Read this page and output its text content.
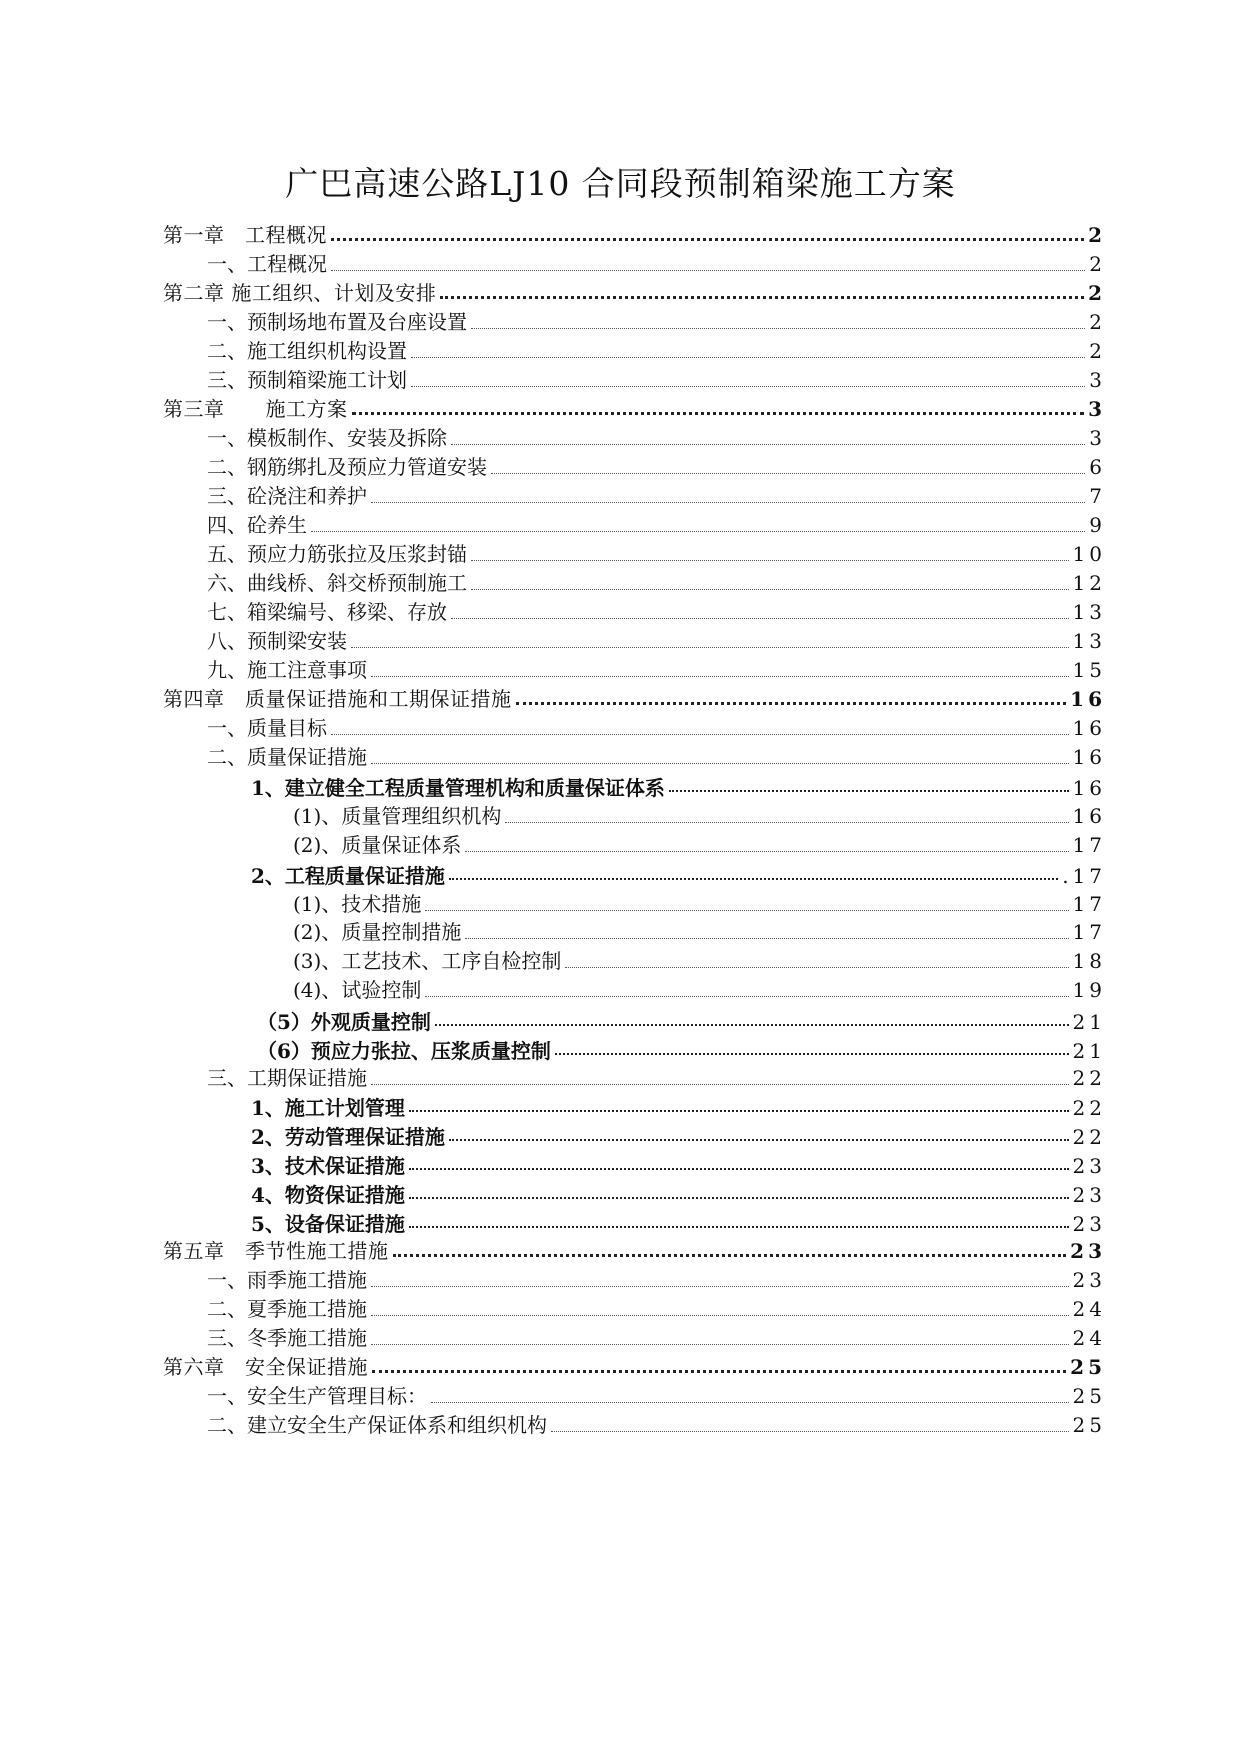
广巴高速公路LJ10 合同段预制箱梁施工方案
第一章　工程概况	2
一、工程概况	2
第二章 施工组织、计划及安排	2
一、预制场地布置及台座设置	2
二、施工组织机构设置	2
三、预制箱梁施工计划	3
第三章　　施工方案	3
一、模板制作、安装及拆除	3
二、钢筋绑扎及预应力管道安装	6
三、砼浇注和养护	7
四、砼养生	9
五、预应力筋张拉及压浆封锚	10
六、曲线桥、斜交桥预制施工	12
七、箱梁编号、移梁、存放	13
八、预制梁安装	13
九、施工注意事项	15
第四章　质量保证措施和工期保证措施	16
一、质量目标	16
二、质量保证措施	16
1、建立健全工程质量管理机构和质量保证体系	16
(1)、质量管理组织机构	16
(2)、质量保证体系	17
2、工程质量保证措施	.17
(1)、技术措施	17
(2)、质量控制措施	17
(3)、工艺技术、工序自检控制	18
(4)、试验控制	19
（5）外观质量控制	21
（6）预应力张拉、压浆质量控制	21
三、工期保证措施	22
1、施工计划管理	22
2、劳动管理保证措施	22
3、技术保证措施	23
4、物资保证措施	23
5、设备保证措施	23
第五章　季节性施工措施	23
一、雨季施工措施	23
二、夏季施工措施	24
三、冬季施工措施	24
第六章　安全保证措施	25
一、安全生产管理目标：	25
二、建立安全生产保证体系和组织机构	25
